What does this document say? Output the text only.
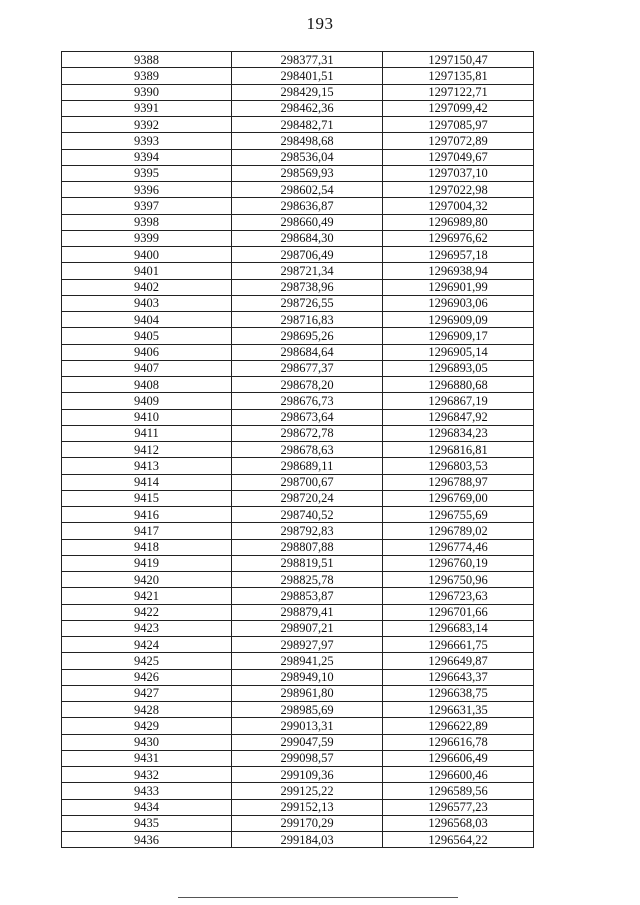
193
9388	298377,31	1297150,47
9389	298401,51	1297135,81
9390	298429,15	1297122,71
9391	298462,36	1297099,42
9392	298482,71	1297085,97
9393	298498,68	1297072,89
9394	298536,04	1297049,67
9395	298569,93	1297037,10
9396	298602,54	1297022,98
9397	298636,87	1297004,32
9398	298660,49	1296989,80
9399	298684,30	1296976,62
9400	298706,49	1296957,18
9401	298721,34	1296938,94
9402	298738,96	1296901,99
9403	298726,55	1296903,06
9404	298716,83	1296909,09
9405	298695,26	1296909,17
9406	298684,64	1296905,14
9407	298677,37	1296893,05
9408	298678,20	1296880,68
9409	298676,73	1296867,19
9410	298673,64	1296847,92
9411	298672,78	1296834,23
9412	298678,63	1296816,81
9413	298689,11	1296803,53
9414	298700,67	1296788,97
9415	298720,24	1296769,00
9416	298740,52	1296755,69
9417	298792,83	1296789,02
9418	298807,88	1296774,46
9419	298819,51	1296760,19
9420	298825,78	1296750,96
9421	298853,87	1296723,63
9422	298879,41	1296701,66
9423	298907,21	1296683,14
9424	298927,97	1296661,75
9425	298941,25	1296649,87
9426	298949,10	1296643,37
9427	298961,80	1296638,75
9428	298985,69	1296631,35
9429	299013,31	1296622,89
9430	299047,59	1296616,78
9431	299098,57	1296606,49
9432	299109,36	1296600,46
9433	299125,22	1296589,56
9434	299152,13	1296577,23
9435	299170,29	1296568,03
9436	299184,03	1296564,22
